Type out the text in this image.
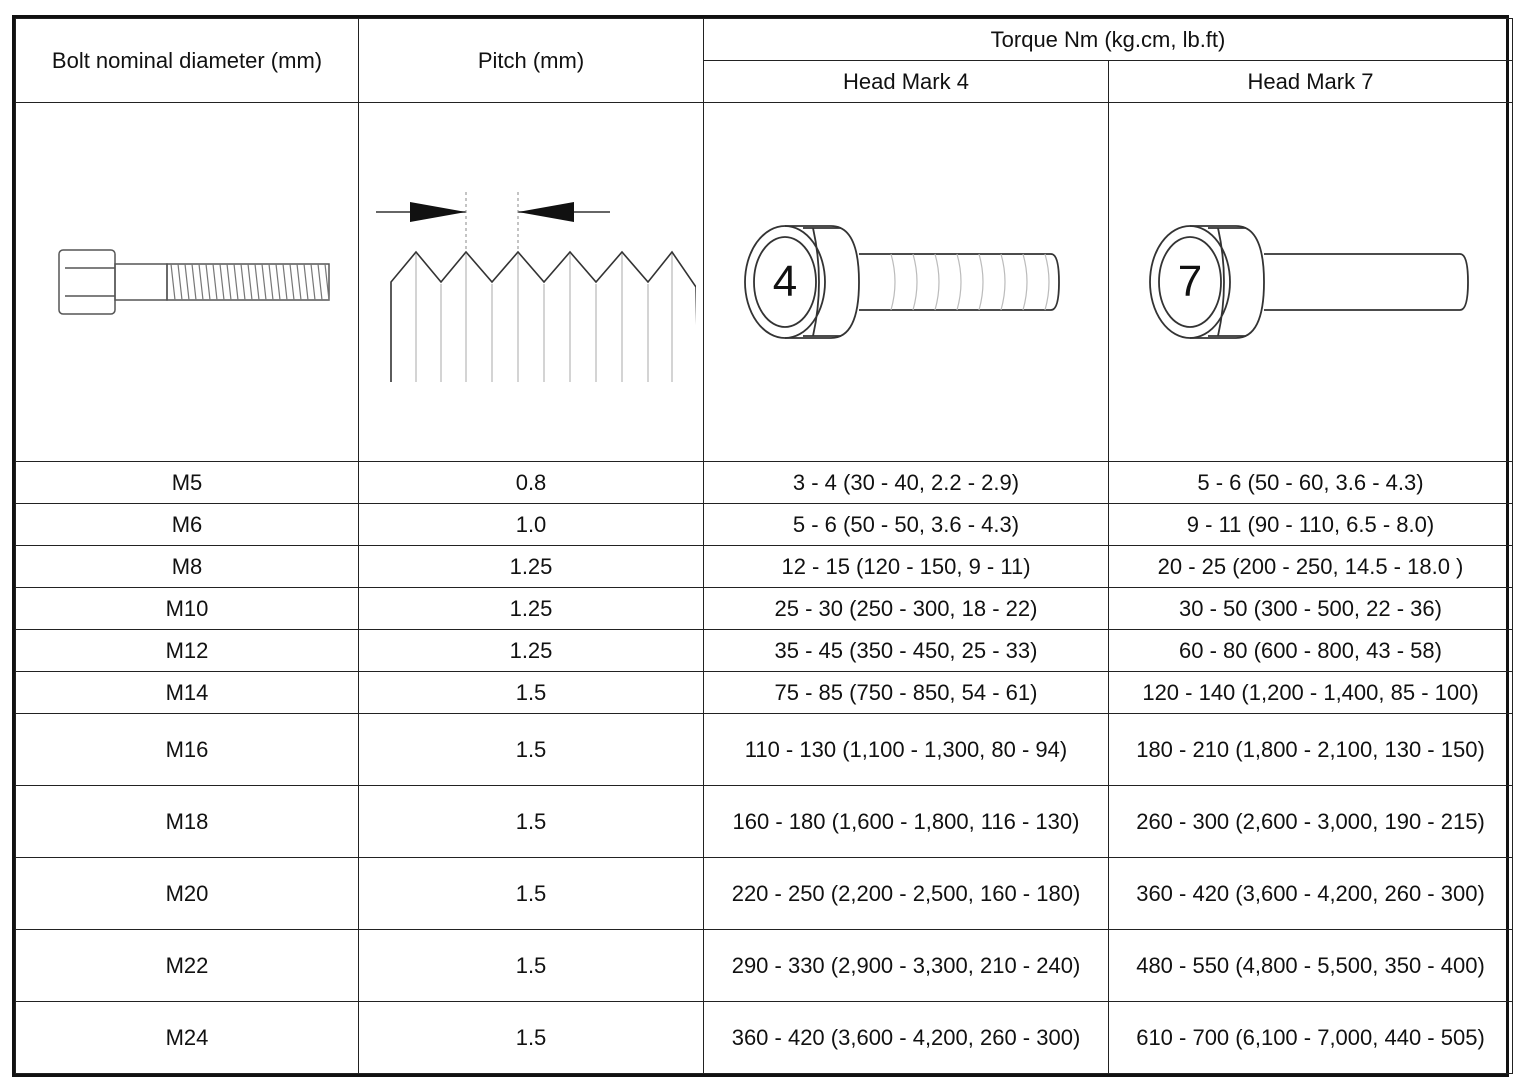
Bolt nominal diameter (mm)	Pitch (mm)	Torque Nm (kg.cm, lb.ft)	
		Head Mark 4	Head Mark 7

4	7

M5	0.8	3 - 4 (30 - 40, 2.2 - 2.9)	5 - 6 (50 - 60, 3.6 - 4.3)
M6	1.0	5 - 6 (50 - 50, 3.6 - 4.3)	9 - 11 (90 - 110, 6.5 - 8.0)
M8	1.25	12 - 15 (120 - 150, 9 - 11)	20 - 25 (200 - 250, 14.5 - 18.0 )
M10	1.25	25 - 30 (250 - 300, 18 - 22)	30 - 50 (300 - 500, 22 - 36)
M12	1.25	35 - 45 (350 - 450, 25 - 33)	60 - 80 (600 - 800, 43 - 58)
M14	1.5	75 - 85 (750 - 850, 54 - 61)	120 - 140 (1,200 - 1,400, 85 - 100)
M16	1.5	110 - 130 (1,100 - 1,300, 80 - 94)	180 - 210 (1,800 - 2,100, 130 - 150)
M18	1.5	160 - 180 (1,600 - 1,800, 116 - 130)	260 - 300 (2,600 - 3,000, 190 - 215)
M20	1.5	220 - 250 (2,200 - 2,500, 160 - 180)	360 - 420 (3,600 - 4,200, 260 - 300)
M22	1.5	290 - 330 (2,900 - 3,300, 210 - 240)	480 - 550 (4,800 - 5,500, 350 - 400)
M24	1.5	360 - 420 (3,600 - 4,200, 260 - 300)	610 - 700 (6,100 - 7,000, 440 - 505)
